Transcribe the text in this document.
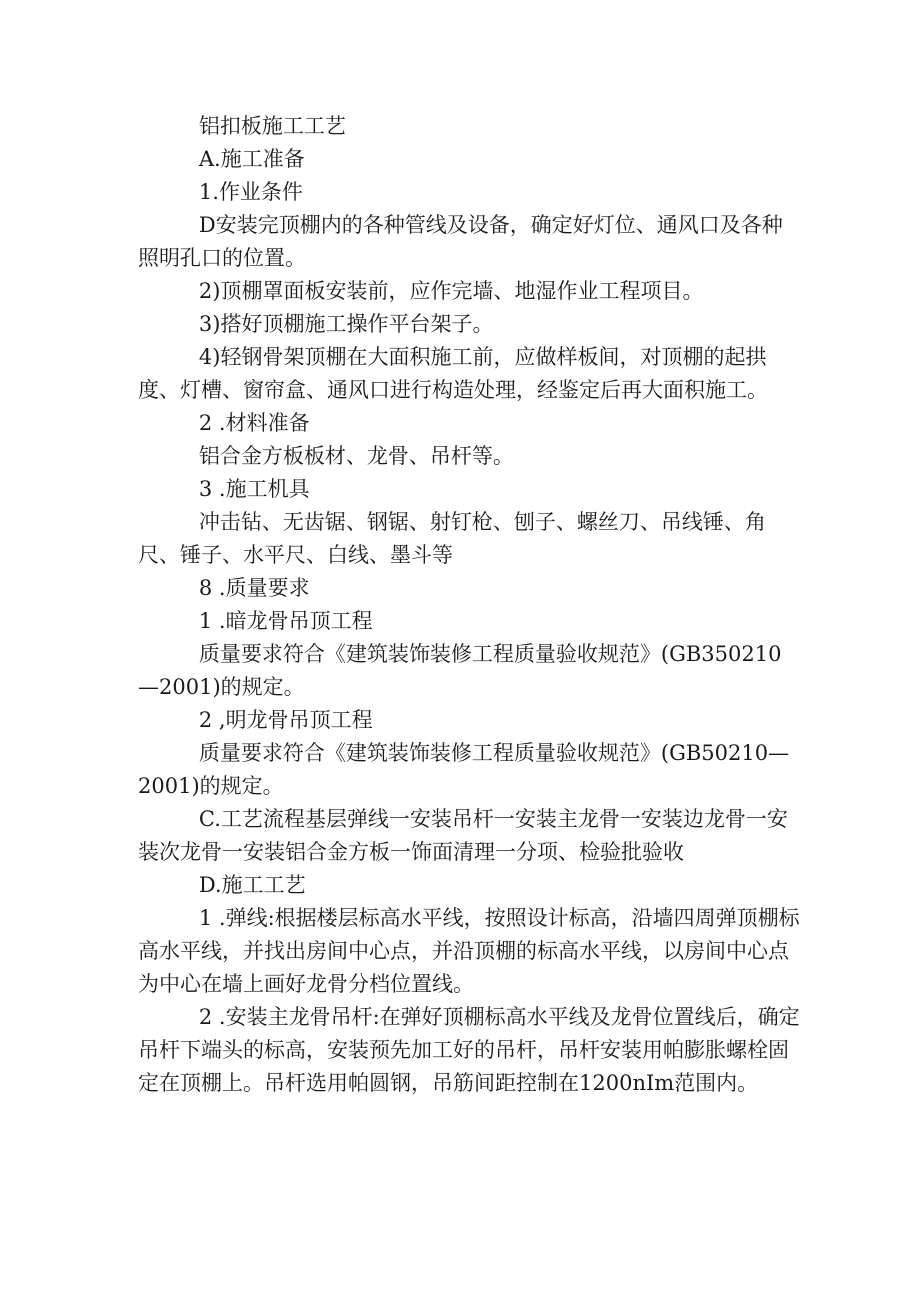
铝扣板施工工艺

A.施工准备

1.作业条件

D安装完顶棚内的各种管线及设备，确定好灯位、通风口及各种照明孔口的位置。

2)顶棚罩面板安装前，应作完墙、地湿作业工程项目。

3)搭好顶棚施工操作平台架子。

4)轻钢骨架顶棚在大面积施工前，应做样板间，对顶棚的起拱度、灯槽、窗帘盒、通风口进行构造处理，经鉴定后再大面积施工。

2 .材料准备

铝合金方板板材、龙骨、吊杆等。

3 .施工机具

冲击钻、无齿锯、钢锯、射钉枪、刨子、螺丝刀、吊线锤、角尺、锤子、水平尺、白线、墨斗等

8 .质量要求

1 .暗龙骨吊顶工程

质量要求符合《建筑装饰装修工程质量验收规范》(GB350210—2001)的规定。

2 ,明龙骨吊顶工程

质量要求符合《建筑装饰装修工程质量验收规范》(GB50210—2001)的规定。

C.工艺流程基层弹线一安装吊杆一安装主龙骨一安装边龙骨一安装次龙骨一安装铝合金方板一饰面清理一分项、检验批验收

D.施工工艺

1 .弹线:根据楼层标高水平线，按照设计标高，沿墙四周弹顶棚标高水平线，并找出房间中心点，并沿顶棚的标高水平线，以房间中心点为中心在墙上画好龙骨分档位置线。

2 .安装主龙骨吊杆:在弹好顶棚标高水平线及龙骨位置线后，确定吊杆下端头的标高，安装预先加工好的吊杆，吊杆安装用帕膨胀螺栓固定在顶棚上。吊杆选用帕圆钢，吊筋间距控制在1200nIm范围内。
